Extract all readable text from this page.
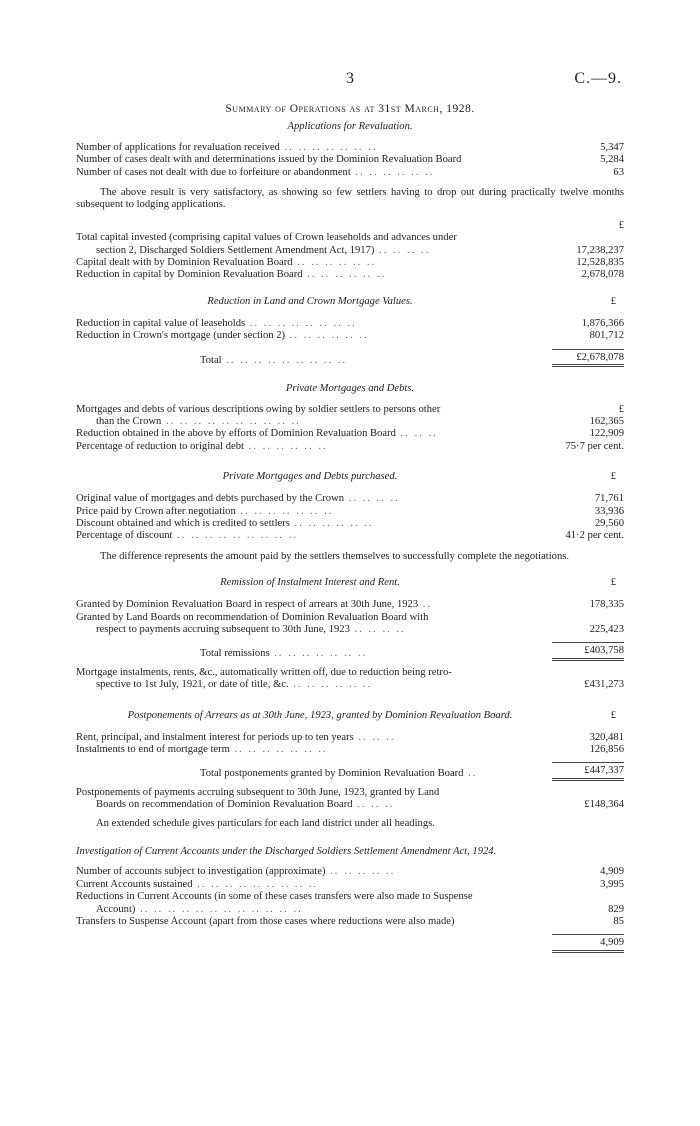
3	C.—9.
Summary of Operations as at 31st March, 1928.
Applications for Revaluation.
Number of applications for revaluation received .. .. .. .. .. .. ..	5,347
Number of cases dealt with and determinations issued by the Dominion Revaluation Board	5,284
Number of cases not dealt with due to forfeiture or abandonment .. .. .. .. .. ..	63
The above result is very satisfactory, as showing so few settlers having to drop out during practically twelve months subsequent to lodging applications.
£
Total capital invested (comprising capital values of Crown leaseholds and advances under
section 2, Discharged Soldiers Settlement Amendment Act, 1917) .. .. .. ..	17,238,237
Capital dealt with by Dominion Revaluation Board .. .. .. .. .. ..	12,528,835
Reduction in capital by Dominion Revaluation Board .. .. .. .. .. ..	2,678,078
Reduction in Land and Crown Mortgage Values.	£
Reduction in capital value of leaseholds .. .. .. .. .. .. .. ..	1,876,366
Reduction in Crown's mortgage (under section 2) .. .. .. .. .. ..	801,712
Total .. .. .. .. .. .. .. .. ..	£2,678,078
Private Mortgages and Debts.
Mortgages and debts of various descriptions owing by soldier settlers to persons other	£
than the Crown .. .. .. .. .. .. .. .. .. ..	162,365
Reduction obtained in the above by efforts of Dominion Revaluation Board .. .. ..	122,909
Percentage of reduction to original debt .. .. .. .. .. ..	75·7 per cent.
Private Mortgages and Debts purchased.	£
Original value of mortgages and debts purchased by the Crown .. .. .. ..	71,761
Price paid by Crown after negotiation .. .. .. .. .. .. ..	33,936
Discount obtained and which is credited to settlers .. .. .. .. .. ..	29,560
Percentage of discount .. .. .. .. .. .. .. .. ..	41·2 per cent.
The difference represents the amount paid by the settlers themselves to successfully complete the negotiations.
Remission of Instalment Interest and Rent.	£
Granted by Dominion Revaluation Board in respect of arrears at 30th June, 1923 ..	178,335
Granted by Land Boards on recommendation of Dominion Revaluation Board with
respect to payments accruing subsequent to 30th June, 1923 .. .. .. ..	225,423
Total remissions .. .. .. .. .. .. ..	£403,758
Mortgage instalments, rents, &c., automatically written off, due to reduction being retro-
spective to 1st July, 1921, or date of title, &c. .. .. .. .. .. ..	£431,273
Postponements of Arrears as at 30th June, 1923, granted by Dominion Revaluation Board.	£
Rent, principal, and instalment interest for periods up to ten years .. .. ..	320,481
Instalments to end of mortgage term .. .. .. .. .. .. ..	126,856
Total postponements granted by Dominion Revaluation Board ..	£447,337
Postponements of payments accruing subsequent to 30th June, 1923, granted by Land
Boards on recommendation of Dominion Revaluation Board .. .. ..	£148,364
An extended schedule gives particulars for each land district under all headings.
Investigation of Current Accounts under the Discharged Soldiers Settlement Amendment Act, 1924.
Number of accounts subject to investigation (approximate) .. .. .. .. ..	4,909
Current Accounts sustained .. .. .. .. .. .. .. .. ..	3,995
Reductions in Current Accounts (in some of these cases transfers were also made to Suspense
Account) .. .. .. .. .. .. .. .. .. .. .. ..	829
Transfers to Suspense Account (apart from those cases where reductions were also made)	85
4,909
